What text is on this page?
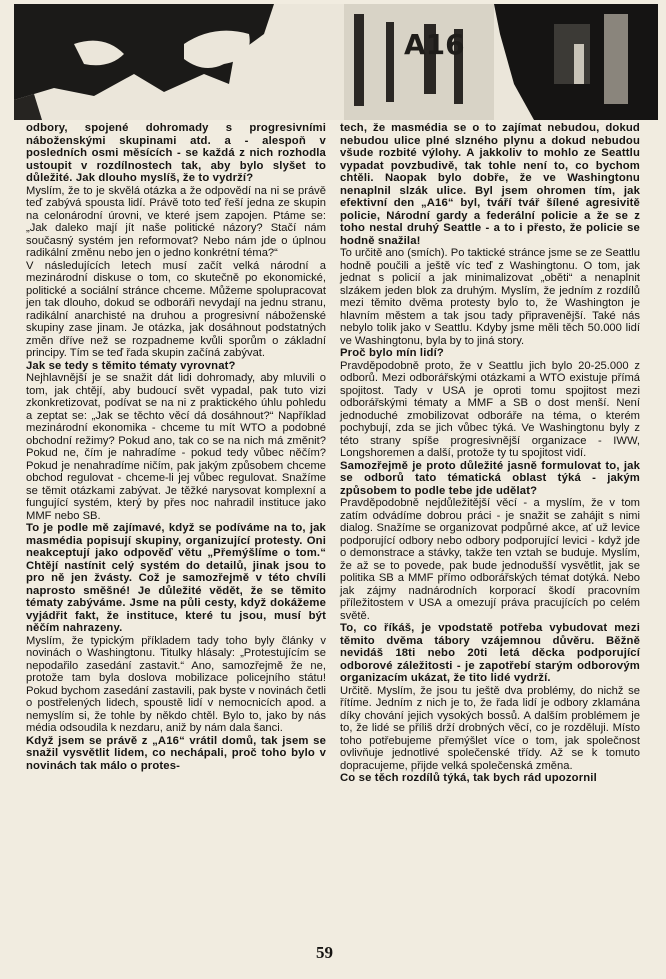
A16

odbory, spojené dohromady s progresivními náboženskými skupinami atd. a - alespoň v posledních osmi měsících - se každá z nich rozhodla ustoupit v rozdílnostech tak, aby bylo slyšet to důležité. Jak dlouho myslíš, že to vydrží?

Myslím, že to je skvělá otázka a že odpovědí na ni se právě teď zabývá spousta lidí. Právě toto teď řeší jedna ze skupin na celonárodní úrovni, ve které jsem zapojen. Ptáme se: „Jak daleko mají jít naše politické názory? Stačí nám současný systém jen reformovat? Nebo nám jde o úplnou radikální změnu nebo jen o jedno konkrétní téma?“

V následujících letech musí začít velká národní a mezinárodní diskuse o tom, co skutečně po ekonomické, politické a sociální stránce chceme. Můžeme spolupracovat jen tak dlouho, dokud se odboráři nevydají na jednu stranu, radikální anarchisté na druhou a progresivní náboženské skupiny zase jinam. Je otázka, jak dosáhnout podstatných změn dříve než se rozpadneme kvůli sporům o základní principy. Tím se teď řada skupin začíná zabývat.

Jak se tedy s těmito tématy vyrovnat?

Nejhlavnější je se snažit dát lidi dohromady, aby mluvili o tom, jak chtějí, aby budoucí svět vypadal, pak tuto vizi zkonkretizovat, podívat se na ni z praktického úhlu pohledu a zeptat se: „Jak se těchto věcí dá dosáhnout?“ Například mezinárodní ekonomika - chceme tu mít WTO a podobné obchodní režimy? Pokud ano, tak co se na nich má změnit? Pokud ne, čím je nahradíme - pokud tedy vůbec něčím? Pokud je nenahradíme ničím, pak jakým způsobem chceme obchod regulovat - chceme-li jej vůbec regulovat. Snažíme se těmit otázkami zabývat. Je těžké narysovat komplexní a fungující systém, který by přes noc nahradil instituce jako MMF nebo SB.

To je podle mě zajímavé, když se podíváme na to, jak masmédia popisují skupiny, organizující protesty. Oni neakceptují jako odpověď větu „Přemýšlíme o tom.“ Chtějí nastínit celý systém do detailů, jinak jsou to pro ně jen žvásty. Což je samozřejmě v této chvíli naprosto směšné! Je důležité vědět, že se těmito tématy zabýváme. Jsme na půli cesty, když dokážeme vyjádřit fakt, že instituce, které tu jsou, musí být něčím nahrazeny.

Myslím, že typickým příkladem tady toho byly články v novinách o Washingtonu. Titulky hlásaly: „Protestujícím se nepodařilo zasedání zastavit.“ Ano, samozřejmě že ne, protože tam byla doslova mobilizace policejního státu! Pokud bychom zasedání zastavili, pak byste v novinách četli o postřelených lidech, spoustě lidí v nemocnicích apod. a nemyslím si, že tohle by někdo chtěl. Bylo to, jako by nás média odsoudila k nezdaru, aniž by nám dala šanci.

Když jsem se právě z „A16“ vrátil domů, tak jsem se snažil vysvětlit lidem, co nechápali, proč toho bylo v novinách tak málo o protes-

tech, že masmédia se o to zajímat nebudou, dokud nebudou ulice plné slzného plynu a dokud nebudou všude rozbité výlohy. A jakkoliv to mohlo ze Seattlu vypadat povzbudivě, tak tohle není to, co bychom chtěli. Naopak bylo dobře, že ve Washingtonu nenaplnil slzák ulice. Byl jsem ohromen tím, jak efektivní den „A16“ byl, tváří tvář šílené agresivitě policie, Národní gardy a federální policie a že se z toho nestal druhý Seattle - a to i přesto, že policie se hodně snažila!

To určitě ano (smích). Po taktické stránce jsme se ze Seattlu hodně poučili a ještě víc teď z Washingtonu. O tom, jak jednat s policií a jak minimalizovat „oběti“ a nenaplnit slzákem jeden blok za druhým. Myslím, že jedním z rozdílů mezi těmito dvěma protesty bylo to, že Washington je hlavním městem a tak jsou tady připravenější. Také nás nebylo tolik jako v Seattlu. Kdyby jsme měli těch 50.000 lidí ve Washingtonu, byla by to jiná story.

Proč bylo mín lidí?

Pravděpodobně proto, že v Seattlu jich bylo 20-25.000 z odborů. Mezi odborářskými otázkami a WTO existuje přímá spojitost. Tady v USA je oproti tomu spojitost mezi odborářskými tématy a MMF a SB o dost menší. Není jednoduché zmobilizovat odboráře na téma, o kterém pochybují, zda se jich vůbec týká. Ve Washingtonu byly z této strany spíše progresivnější organizace - IWW, Longshoremen a další, protože ty tu spojitost vidí.

Samozřejmě je proto důležité jasně formulovat to, jak se odborů tato tématická oblast týká - jakým způsobem to podle tebe jde udělat?

Pravděpodobně nejdůležitější věcí - a myslím, že v tom zatím odvádíme dobrou práci - je snažit se zahájit s nimi dialog. Snažíme se organizovat podpůrné akce, ať už levice podporující odbory nebo odbory podporující levici - když jde o demonstrace a stávky, takže ten vztah se buduje. Myslím, že až se to povede, pak bude jednodušší vysvětlit, jak se politika SB a MMF přímo odborářských témat dotýká. Nebo jak zájmy nadnárodních korporací škodí pracovním příležitostem v USA a omezují práva pracujících po celém světě.

To, co říkáš, je vpodstatě potřeba vybudovat mezi těmito dvěma tábory vzájemnou důvěru. Běžně nevidáš 18ti nebo 20ti letá děcka podporující odborové záležitosti - je zapotřebí starým odborovým organizacím ukázat, že tito lidé vydrží.

Určitě. Myslím, že jsou tu ještě dva problémy, do nichž se řítíme. Jedním z nich je to, že řada lidí je odbory zklamána díky chování jejich vysokých bossů. A dalším problémem je to, že lidé se příliš drží drobných věcí, co je rozděluji. Místo toho potřebujeme přemýšlet více o tom, jak společnost ovlivňuje jednotlivé společenské třídy. Až se k tomuto dopracujeme, přijde velká společenská změna.

Co se těch rozdílů týká, tak bych rád upozornil

59
